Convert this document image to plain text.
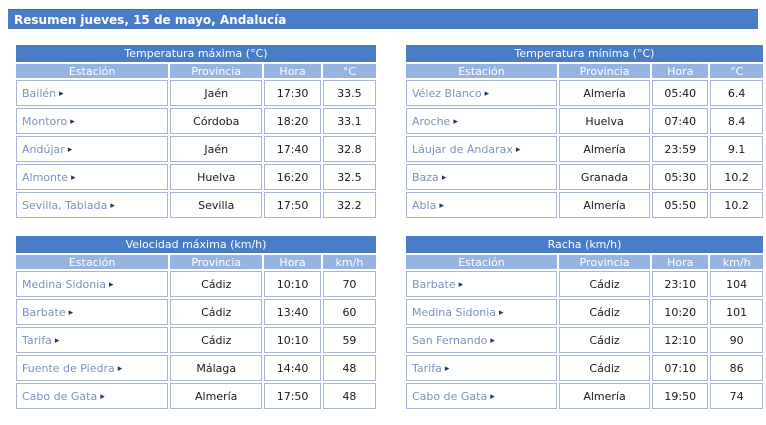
Resumen jueves, 15 de mayo, Andalucía
Temperatura máxima (°C)			
Estación	Provincia	Hora	°C
Bailén ▸	Jaén	17:30	33.5
Montoro ▸	Córdoba	18:20	33.1
Andújar ▸	Jaén	17:40	32.8
Almonte ▸	Huelva	16:20	32.5
Sevilla, Tablada ▸	Sevilla	17:50	32.2
Temperatura mínima (°C)			
Estación	Provincia	Hora	°C
Vélez Blanco ▸	Almería	05:40	6.4
Aroche ▸	Huelva	07:40	8.4
Láujar de Andarax ▸	Almería	23:59	9.1
Baza ▸	Granada	05:30	10.2
Abla ▸	Almería	05:50	10.2
Velocidad máxima (km/h)			
Estación	Provincia	Hora	km/h
Medina Sidonia ▸	Cádiz	10:10	70
Barbate ▸	Cádiz	13:40	60
Tarifa ▸	Cádiz	10:10	59
Fuente de Piedra ▸	Málaga	14:40	48
Cabo de Gata ▸	Almería	17:50	48
Racha (km/h)			
Estación	Provincia	Hora	km/h
Barbate ▸	Cádiz	23:10	104
Medina Sidonia ▸	Cádiz	10:20	101
San Fernando ▸	Cádiz	12:10	90
Tarifa ▸	Cádiz	07:10	86
Cabo de Gata ▸	Almería	19:50	74
